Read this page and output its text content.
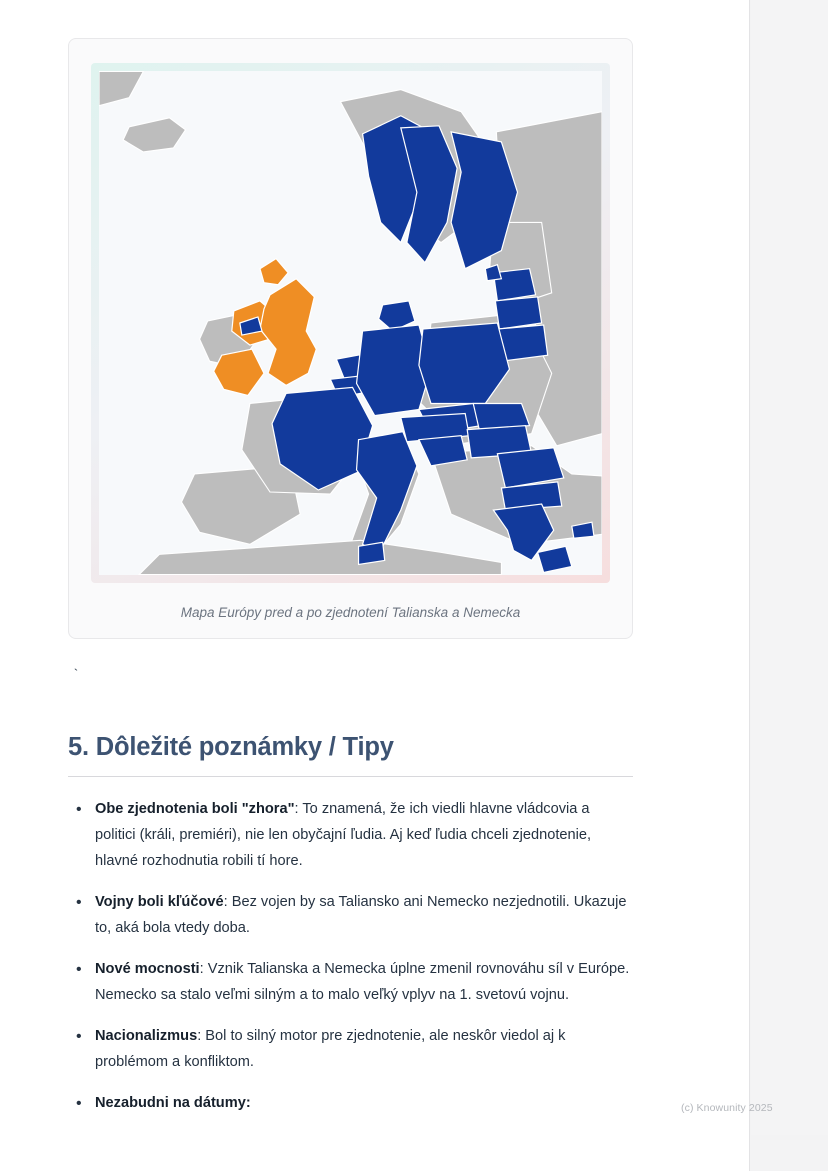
Mapa Európy pred a po zjednotení Talianska a Nemecka
`
5. Dôležité poznámky / Tipy
• Obe zjednotenia boli "zhora": To znamená, že ich viedli hlavne vládcovia a politici (králi, premiéri), nie len obyčajní ľudia. Aj keď ľudia chceli zjednotenie, hlavné rozhodnutia robili tí hore.
• Vojny boli kľúčové: Bez vojen by sa Taliansko ani Nemecko nezjednotili. Ukazuje to, aká bola vtedy doba.
• Nové mocnosti: Vznik Talianska a Nemecka úplne zmenil rovnováhu síl v Európe. Nemecko sa stalo veľmi silným a to malo veľký vplyv na 1. svetovú vojnu.
• Nacionalizmus: Bol to silný motor pre zjednotenie, ale neskôr viedol aj k problémom a konfliktom.
• Nezabudni na dátumy:	(c) Knowunity 2025
